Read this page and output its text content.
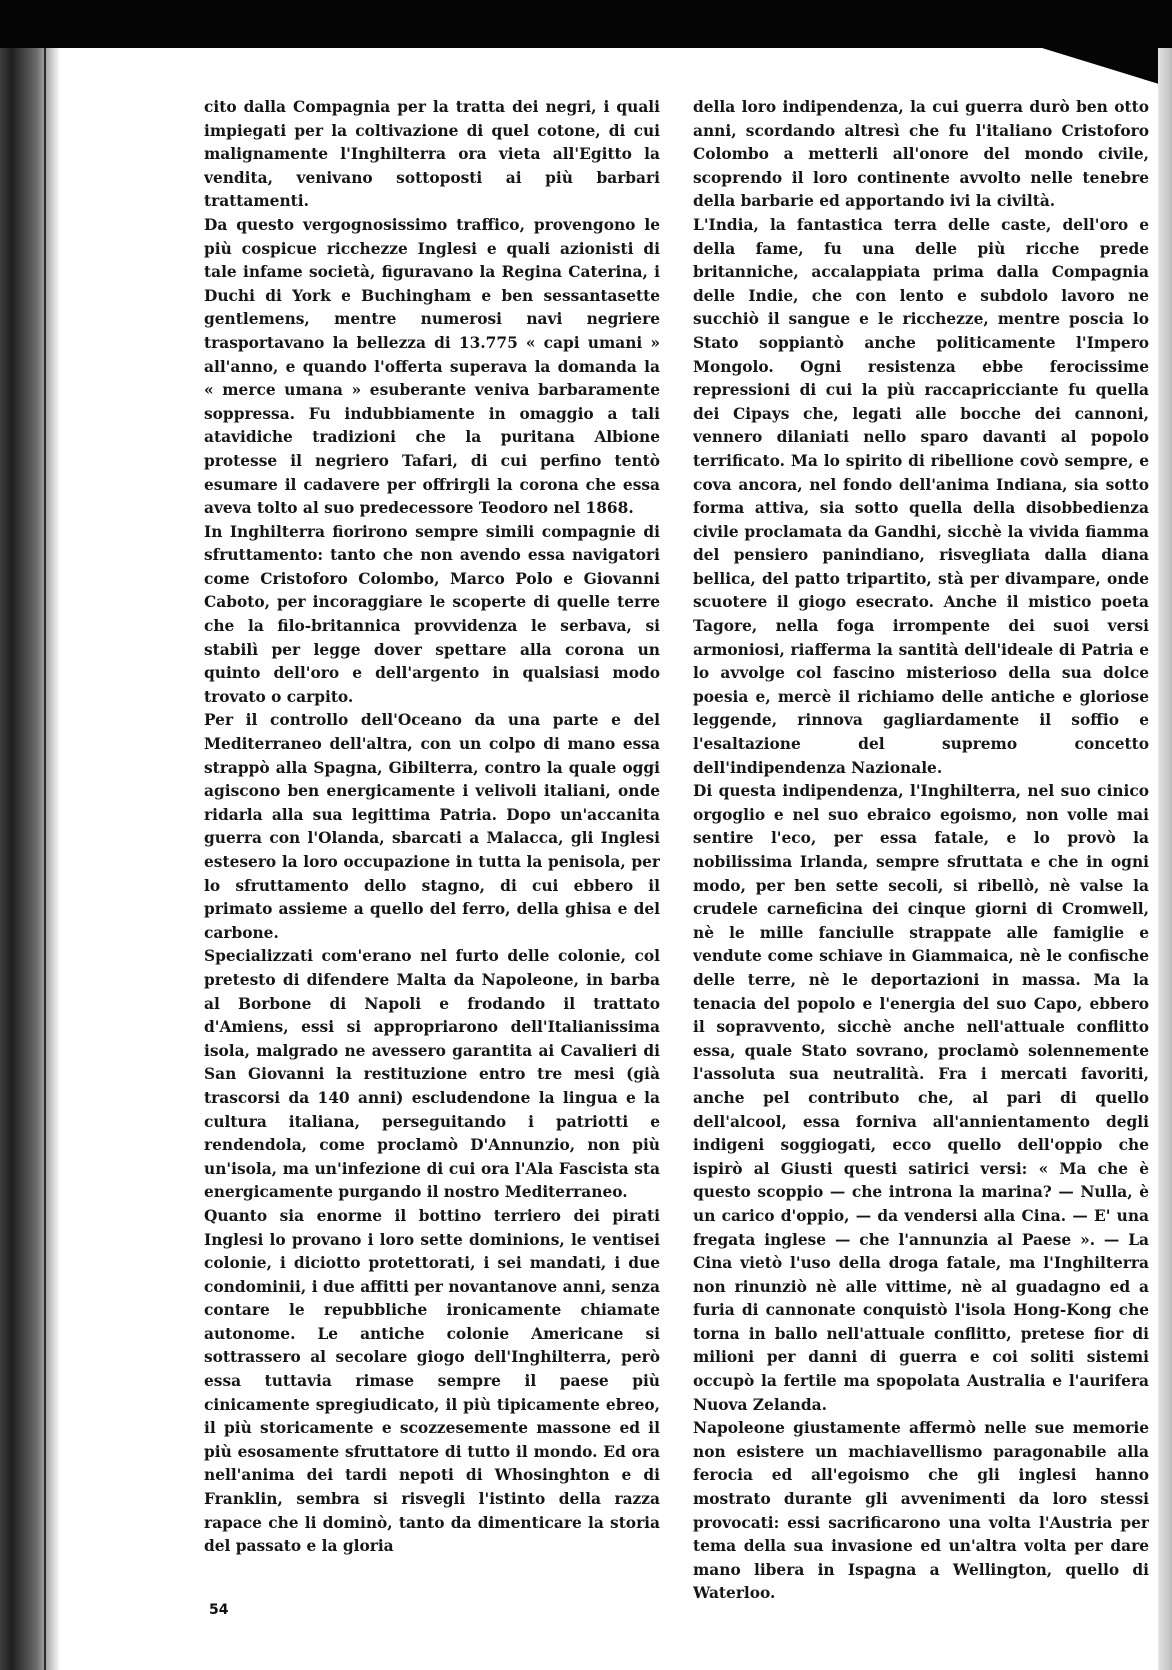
cito dalla Compagnia per la tratta dei negri, i quali impiegati per la coltivazione di quel cotone, di cui malignamente l'Inghilterra ora vieta all'Egitto la vendita, venivano sottoposti ai più barbari trattamenti.

Da questo vergognosissimo traffico, provengono le più cospicue ricchezze Inglesi e quali azionisti di tale infame società, figuravano la Regina Caterina, i Duchi di York e Buchingham e ben sessantasette gentlemens, mentre numerosi navi negriere trasportavano la bellezza di 13.775 « capi umani » all'anno, e quando l'offerta superava la domanda la « merce umana » esuberante veniva barbaramente soppressa. Fu indubbiamente in omaggio a tali atavidiche tradizioni che la puritana Albione protesse il negriero Tafari, di cui perfino tentò esumare il cadavere per offrirgli la corona che essa aveva tolto al suo predecessore Teodoro nel 1868.

In Inghilterra fiorirono sempre simili compagnie di sfruttamento: tanto che non avendo essa navigatori come Cristoforo Colombo, Marco Polo e Giovanni Caboto, per incoraggiare le scoperte di quelle terre che la filo-britannica provvidenza le serbava, si stabilì per legge dover spettare alla corona un quinto dell'oro e dell'argento in qualsiasi modo trovato o carpito.

Per il controllo dell'Oceano da una parte e del Mediterraneo dell'altra, con un colpo di mano essa strappò alla Spagna, Gibilterra, contro la quale oggi agiscono ben energicamente i velivoli italiani, onde ridarla alla sua legittima Patria. Dopo un'accanita guerra con l'Olanda, sbarcati a Malacca, gli Inglesi estesero la loro occupazione in tutta la penisola, per lo sfruttamento dello stagno, di cui ebbero il primato assieme a quello del ferro, della ghisa e del carbone.

Specializzati com'erano nel furto delle colonie, col pretesto di difendere Malta da Napoleone, in barba al Borbone di Napoli e frodando il trattato d'Amiens, essi si appropriarono dell'Italianissima isola, malgrado ne avessero garantita ai Cavalieri di San Giovanni la restituzione entro tre mesi (già trascorsi da 140 anni) escludendone la lingua e la cultura italiana, perseguitando i patriotti e rendendola, come proclamò D'Annunzio, non più un'isola, ma un'infezione di cui ora l'Ala Fascista sta energicamente purgando il nostro Mediterraneo.

Quanto sia enorme il bottino terriero dei pirati Inglesi lo provano i loro sette dominions, le ventisei colonie, i diciotto protettorati, i sei mandati, i due condominii, i due affitti per novantanove anni, senza contare le repubbliche ironicamente chiamate autonome. Le antiche colonie Americane si sottrassero al secolare giogo dell'Inghilterra, però essa tuttavia rimase sempre il paese più cinicamente spregiudicato, il più tipicamente ebreo, il più storicamente e scozzesemente massone ed il più esosamente sfruttatore di tutto il mondo. Ed ora nell'anima dei tardi nepoti di Whosinghton e di Franklin, sembra si risvegli l'istinto della razza rapace che li dominò, tanto da dimenticare la storia del passato e la gloria

della loro indipendenza, la cui guerra durò ben otto anni, scordando altresì che fu l'italiano Cristoforo Colombo a metterli all'onore del mondo civile, scoprendo il loro continente avvolto nelle tenebre della barbarie ed apportando ivi la civiltà.

L'India, la fantastica terra delle caste, dell'oro e della fame, fu una delle più ricche prede britanniche, accalappiata prima dalla Compagnia delle Indie, che con lento e subdolo lavoro ne succhiò il sangue e le ricchezze, mentre poscia lo Stato soppiantò anche politicamente l'Impero Mongolo. Ogni resistenza ebbe ferocissime repressioni di cui la più raccapricciante fu quella dei Cipays che, legati alle bocche dei cannoni, vennero dilaniati nello sparo davanti al popolo terrificato. Ma lo spirito di ribellione covò sempre, e cova ancora, nel fondo dell'anima Indiana, sia sotto forma attiva, sia sotto quella della disobbedienza civile proclamata da Gandhi, sicchè la vivida fiamma del pensiero panindiano, risvegliata dalla diana bellica, del patto tripartito, stà per divampare, onde scuotere il giogo esecrato. Anche il mistico poeta Tagore, nella foga irrompente dei suoi versi armoniosi, riafferma la santità dell'ideale di Patria e lo avvolge col fascino misterioso della sua dolce poesia e, mercè il richiamo delle antiche e gloriose leggende, rinnova gagliardamente il soffio e l'esaltazione del supremo concetto dell'indipendenza Nazionale.

Di questa indipendenza, l'Inghilterra, nel suo cinico orgoglio e nel suo ebraico egoismo, non volle mai sentire l'eco, per essa fatale, e lo provò la nobilissima Irlanda, sempre sfruttata e che in ogni modo, per ben sette secoli, si ribellò, nè valse la crudele carneficina dei cinque giorni di Cromwell, nè le mille fanciulle strappate alle famiglie e vendute come schiave in Giammaica, nè le confische delle terre, nè le deportazioni in massa. Ma la tenacia del popolo e l'energia del suo Capo, ebbero il sopravvento, sicchè anche nell'attuale conflitto essa, quale Stato sovrano, proclamò solennemente l'assoluta sua neutralità. Fra i mercati favoriti, anche pel contributo che, al pari di quello dell'alcool, essa forniva all'annientamento degli indigeni soggiogati, ecco quello dell'oppio che ispirò al Giusti questi satirici versi: « Ma che è questo scoppio — che introna la marina? — Nulla, è un carico d'oppio, — da vendersi alla Cina. — E' una fregata inglese — che l'annunzia al Paese ». — La Cina vietò l'uso della droga fatale, ma l'Inghilterra non rinunziò nè alle vittime, nè al guadagno ed a furia di cannonate conquistò l'isola Hong-Kong che torna in ballo nell'attuale conflitto, pretese fior di milioni per danni di guerra e coi soliti sistemi occupò la fertile ma spopolata Australia e l'aurifera Nuova Zelanda.

Napoleone giustamente affermò nelle sue memorie non esistere un machiavellismo paragonabile alla ferocia ed all'egoismo che gli inglesi hanno mostrato durante gli avvenimenti da loro stessi provocati: essi sacrificarono una volta l'Austria per tema della sua invasione ed un'altra volta per dare mano libera in Ispagna a Wellington, quello di Waterloo.

54
